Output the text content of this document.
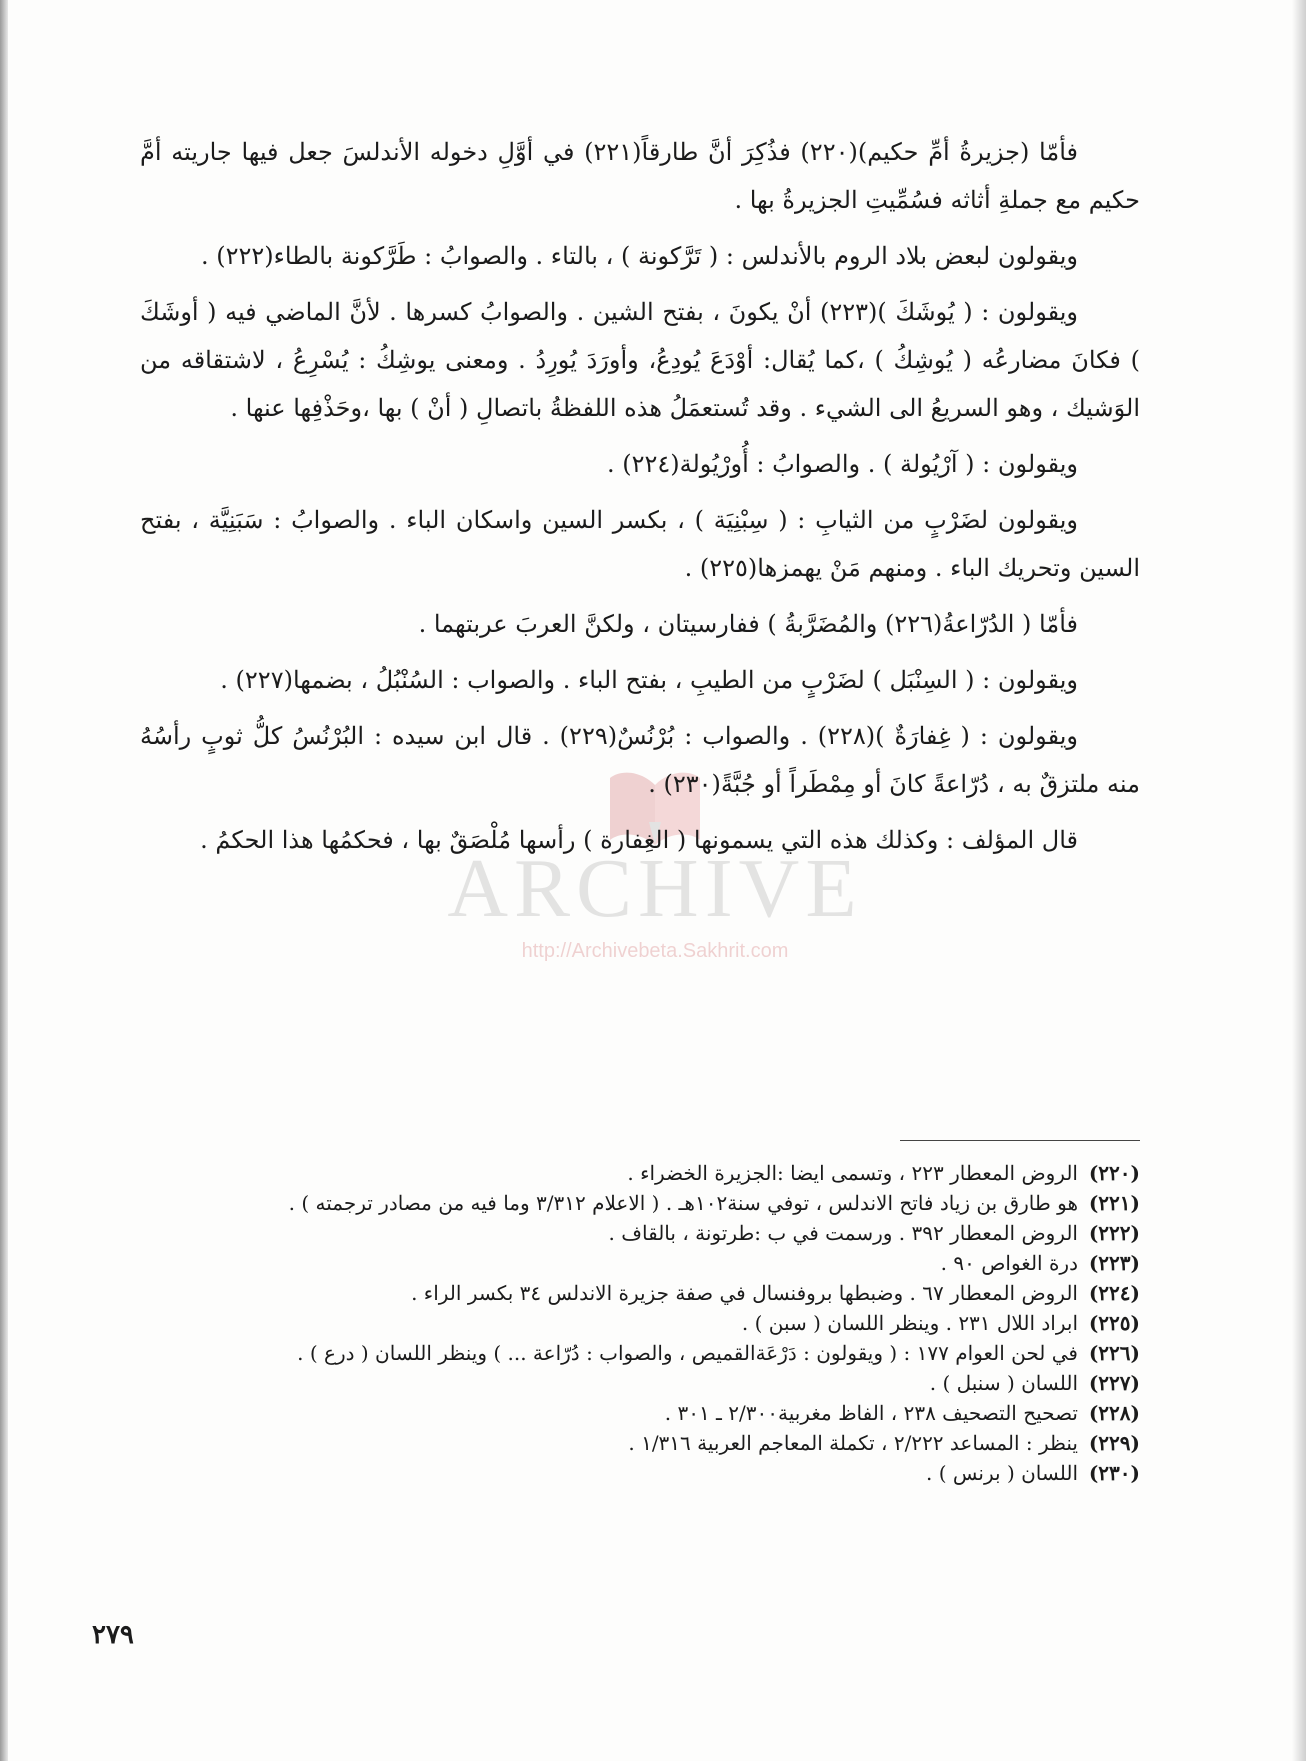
ARCHIVE
http://Archivebeta.Sakhrit.com

فأمّا (جزيرةُ أمِّ حكيم)(٢٢٠) فذُكِرَ أنَّ طارقاً(٢٢١) في أوَّلِ دخوله الأندلسَ جعل فيها جاريته أمَّ حكيم مع جملةِ أثاثه فسُمِّيتِ الجزيرةُ بها .

ويقولون لبعض بلاد الروم بالأندلس : ( تَرَّكونة ) ، بالتاء . والصوابُ : طَرَّكونة بالطاء(٢٢٢) .

ويقولون : ( يُوشَكَ )(٢٢٣) أنْ يكونَ ، بفتح الشين . والصوابُ كسرها . لأنَّ الماضي فيه ( أوشَكَ ) فكانَ مضارعُه ( يُوشِكُ ) ،كما يُقال: أوْدَعَ يُودِعُ، وأورَدَ يُورِدُ . ومعنى يوشِكُ : يُسْرِعُ ، لاشتقاقه من الوَشيك ، وهو السريعُ الى الشيء . وقد تُستعمَلُ هذه اللفظةُ باتصالِ ( أنْ ) بها ،وحَذْفِها عنها .

ويقولون : ( آرْيُولة ) . والصوابُ : أُورْيُولة(٢٢٤) .

ويقولون لضَرْبٍ من الثيابِ : ( سِبْنِيَة ) ، بكسر السين واسكان الباء . والصوابُ : سَبَنِيَّة ، بفتح السين وتحريك الباء . ومنهم مَنْ يهمزها(٢٢٥) .

فأمّا ( الدُرّاعةُ(٢٢٦) والمُضَرَّبةُ ) ففارسيتان ، ولكنَّ العربَ عربتهما .

ويقولون : ( السِنْبَل ) لضَرْبٍ من الطيبِ ، بفتح الباء . والصواب : السُنْبُلُ ، بضمها(٢٢٧) .

ويقولون : ( غِفارَةٌ )(٢٢٨) . والصواب : بُرْنُسٌ(٢٢٩) . قال ابن سيده : البُرْنُسُ كلُّ ثوبٍ رأسُهُ منه ملتزقٌ به ، دُرّاعةً كانَ أو مِمْطَراً أو جُبَّةً(٢٣٠) .

قال المؤلف : وكذلك هذه التي يسمونها ( الغِفارة ) رأسها مُلْصَقٌ بها ، فحكمُها هذا الحكمُ .

(٢٢٠)
الروض المعطار ٢٢٣ ، وتسمى ايضا :الجزيرة الخضراء .
(٢٢١)
هو طارق بن زياد فاتح الاندلس ، توفي سنة١٠٢هـ . ( الاعلام ٣/٣١٢ وما فيه من مصادر ترجمته ) .
(٢٢٢)
الروض المعطار ٣٩٢ . ورسمت في ب :طرتونة ، بالقاف .
(٢٢٣)
درة الغواص ٩٠ .
(٢٢٤)
الروض المعطار ٦٧ . وضبطها بروفنسال في صفة جزيرة الاندلس ٣٤ بكسر الراء .
(٢٢٥)
ابراد اللال ٢٣١ . وينظر اللسان ( سبن ) .
(٢٢٦)
في لحن العوام ١٧٧ : ( ويقولون : دَرْعَةالقميص ، والصواب : دُرّاعة ... ) وينظر اللسان ( درع ) .
(٢٢٧)
اللسان ( سنبل ) .
(٢٢٨)
تصحيح التصحيف ٢٣٨ ، الفاظ مغربية٢/٣٠٠ ـ ٣٠١ .
(٢٢٩)
ينظر : المساعد ٢/٢٢٢ ، تكملة المعاجم العربية ١/٣١٦ .
(٢٣٠)
اللسان ( برنس ) .
٢٧٩
